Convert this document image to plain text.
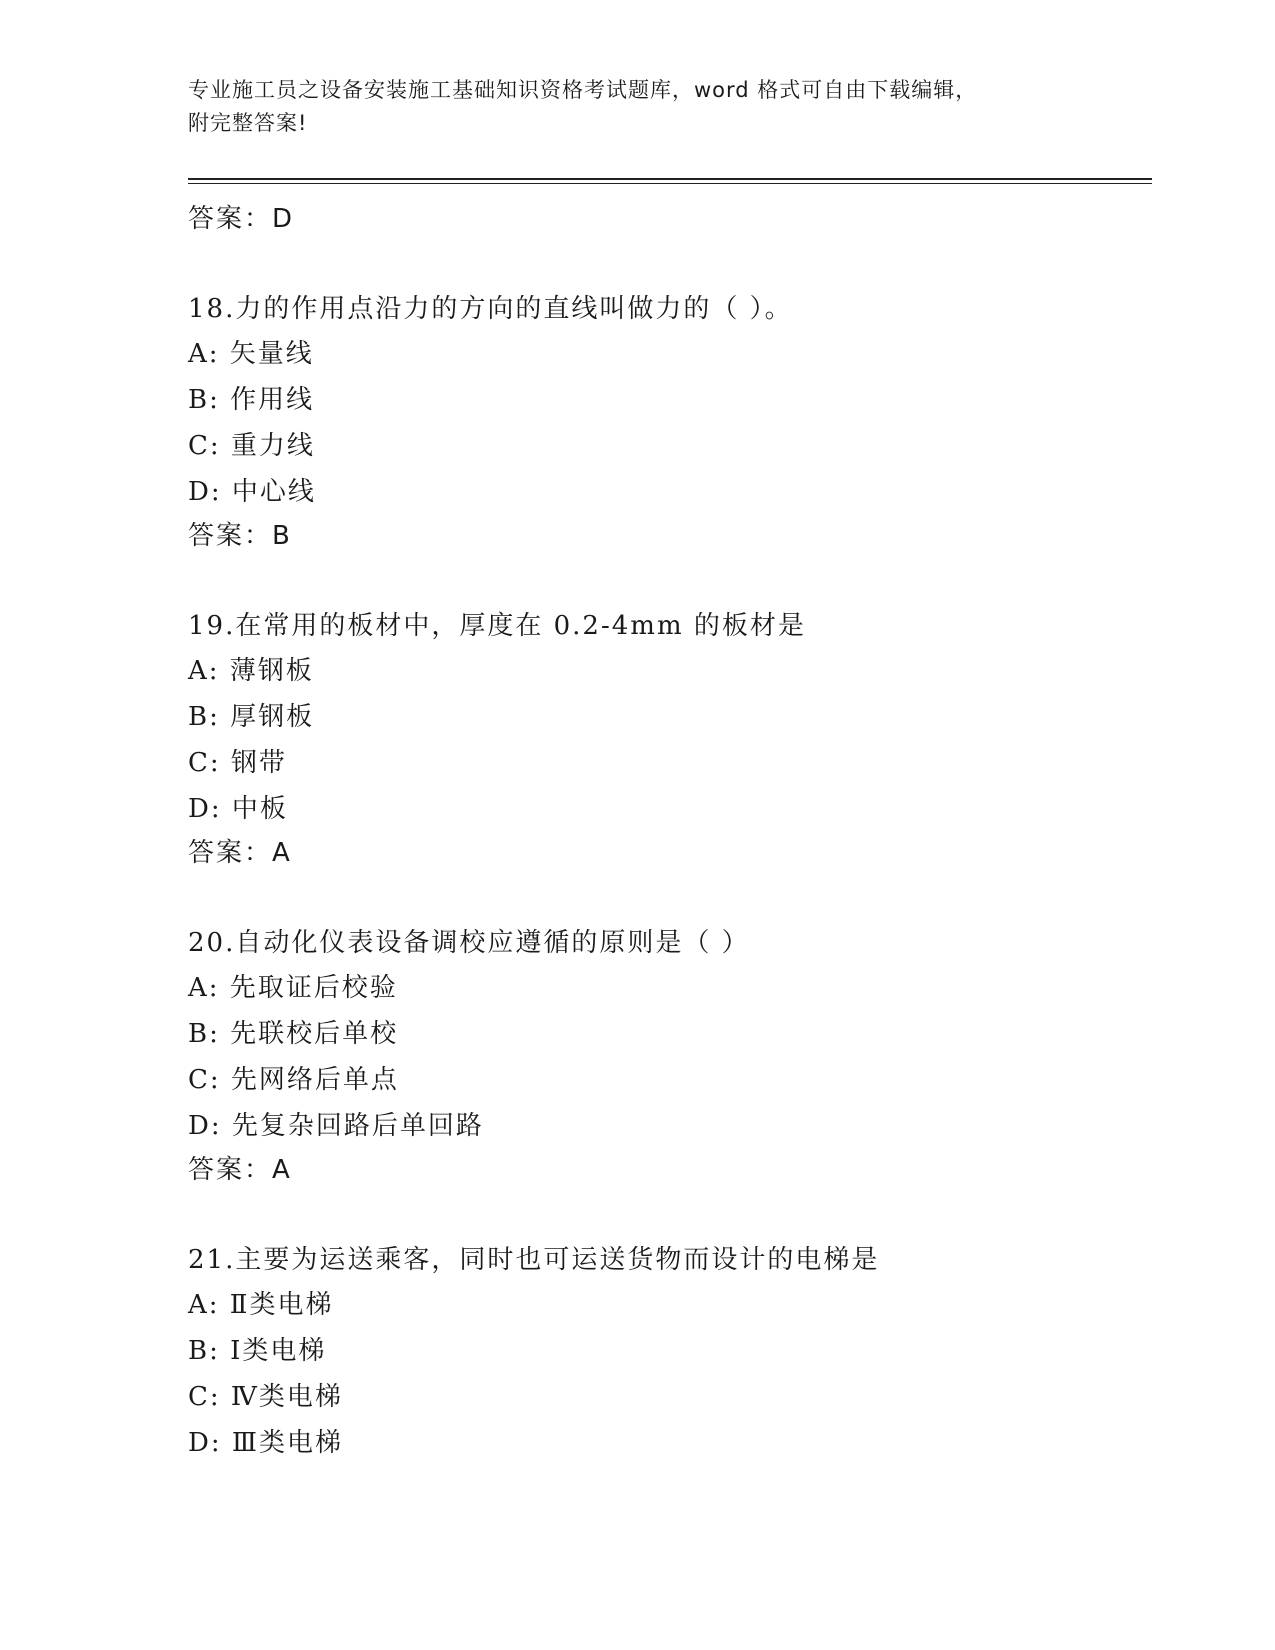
专业施工员之设备安装施工基础知识资格考试题库，word 格式可自由下载编辑，
附完整答案!
答案：D
18.力的作用点沿力的方向的直线叫做力的（ ）。
A: 矢量线
B: 作用线
C: 重力线
D: 中心线
答案：B
19.在常用的板材中，厚度在 0.2-4mm 的板材是
A: 薄钢板
B: 厚钢板
C: 钢带
D: 中板
答案：A
20.自动化仪表设备调校应遵循的原则是（ ）
A: 先取证后校验
B: 先联校后单校
C: 先网络后单点
D: 先复杂回路后单回路
答案：A
21.主要为运送乘客，同时也可运送货物而设计的电梯是
A: Ⅱ类电梯
B: Ⅰ类电梯
C: Ⅳ类电梯
D: Ⅲ类电梯
